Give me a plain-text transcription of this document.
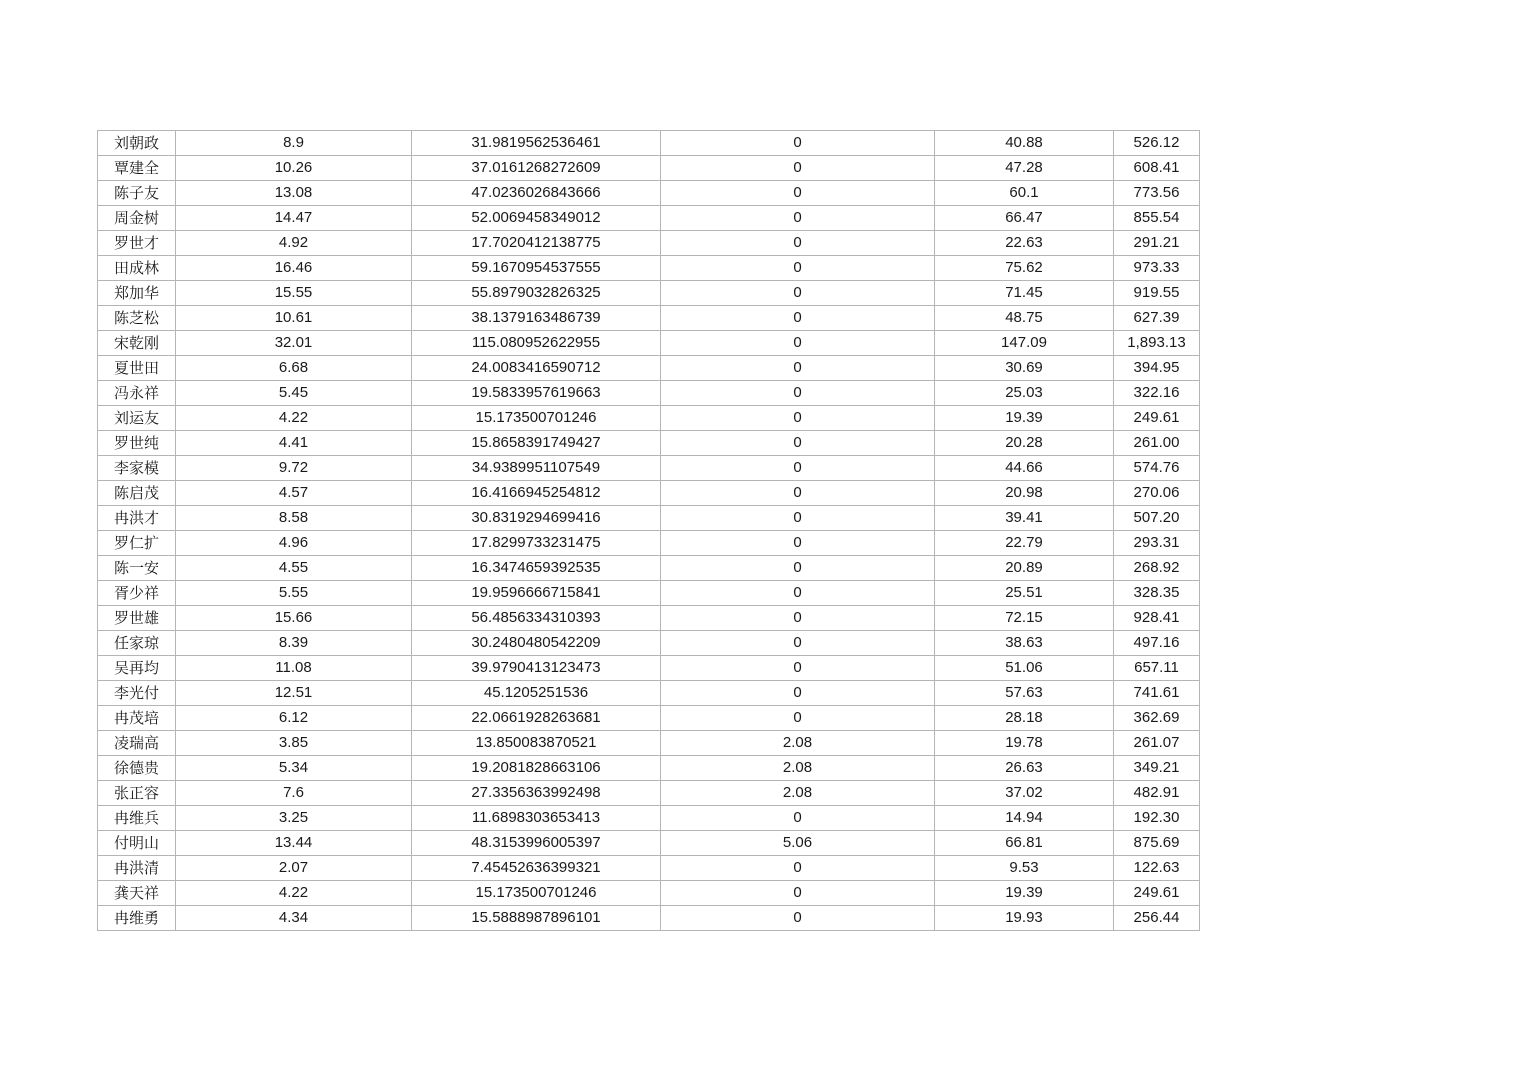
刘朝政	8.9	31.9819562536461	0	40.88	526.12
覃建全	10.26	37.0161268272609	0	47.28	608.41
陈子友	13.08	47.0236026843666	0	60.1	773.56
周金树	14.47	52.0069458349012	0	66.47	855.54
罗世才	4.92	17.7020412138775	0	22.63	291.21
田成林	16.46	59.1670954537555	0	75.62	973.33
郑加华	15.55	55.8979032826325	0	71.45	919.55
陈芝松	10.61	38.1379163486739	0	48.75	627.39
宋乾刚	32.01	115.080952622955	0	147.09	1,893.13
夏世田	6.68	24.0083416590712	0	30.69	394.95
冯永祥	5.45	19.5833957619663	0	25.03	322.16
刘运友	4.22	15.173500701246	0	19.39	249.61
罗世纯	4.41	15.8658391749427	0	20.28	261.00
李家模	9.72	34.9389951107549	0	44.66	574.76
陈启茂	4.57	16.4166945254812	0	20.98	270.06
冉洪才	8.58	30.8319294699416	0	39.41	507.20
罗仁扩	4.96	17.8299733231475	0	22.79	293.31
陈一安	4.55	16.3474659392535	0	20.89	268.92
胥少祥	5.55	19.9596666715841	0	25.51	328.35
罗世雄	15.66	56.4856334310393	0	72.15	928.41
任家琼	8.39	30.2480480542209	0	38.63	497.16
吴再均	11.08	39.9790413123473	0	51.06	657.11
李光付	12.51	45.1205251536	0	57.63	741.61
冉茂培	6.12	22.0661928263681	0	28.18	362.69
凌瑞高	3.85	13.850083870521	2.08	19.78	261.07
徐德贵	5.34	19.2081828663106	2.08	26.63	349.21
张正容	7.6	27.3356363992498	2.08	37.02	482.91
冉维兵	3.25	11.6898303653413	0	14.94	192.30
付明山	13.44	48.3153996005397	5.06	66.81	875.69
冉洪清	2.07	7.45452636399321	0	9.53	122.63
龚天祥	4.22	15.173500701246	0	19.39	249.61
冉维勇	4.34	15.5888987896101	0	19.93	256.44
